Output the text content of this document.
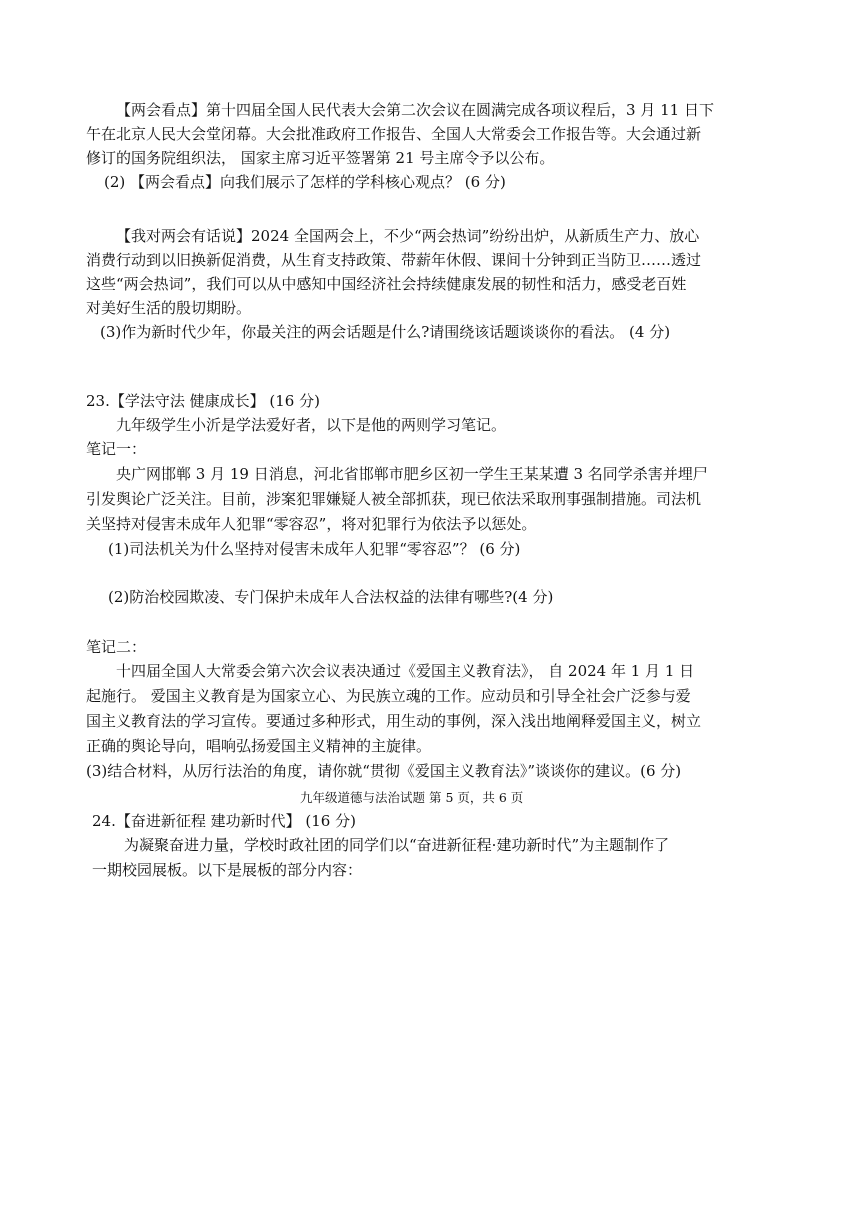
【两会看点】第十四届全国人民代表大会第二次会议在圆满完成各项议程后，3 月 11 日下

午在北京人民大会堂闭幕。大会批准政府工作报告、全国人大常委会工作报告等。大会通过新

修订的国务院组织法， 国家主席习近平签署第 21 号主席令予以公布。

(2) 【两会看点】向我们展示了怎样的学科核心观点？ (6 分)

【我对两会有话说】2024 全国两会上，不少“两会热词”纷纷出炉，从新质生产力、放心

消费行动到以旧换新促消费，从生育支持政策、带薪年休假、课间十分钟到正当防卫……透过

这些“两会热词”，我们可以从中感知中国经济社会持续健康发展的韧性和活力，感受老百姓

对美好生活的殷切期盼。

(3)作为新时代少年，你最关注的两会话题是什么?请围绕该话题谈谈你的看法。 (4 分)

23.【学法守法 健康成长】 (16 分)

九年级学生小沂是学法爱好者，以下是他的两则学习笔记。

笔记一：

央广网邯郸 3 月 19 日消息，河北省邯郸市肥乡区初一学生王某某遭 3 名同学杀害并埋尸

引发舆论广泛关注。目前，涉案犯罪嫌疑人被全部抓获，现已依法采取刑事强制措施。司法机

关坚持对侵害未成年人犯罪“零容忍”，将对犯罪行为依法予以惩处。

(1)司法机关为什么坚持对侵害未成年人犯罪“零容忍”？ (6 分)

(2)防治校园欺凌、专门保护未成年人合法权益的法律有哪些?(4 分)

笔记二：

十四届全国人大常委会第六次会议表决通过《爱国主义教育法》， 自 2024 年 1 月 1 日

起施行。 爱国主义教育是为国家立心、为民族立魂的工作。应动员和引导全社会广泛参与爱

国主义教育法的学习宣传。要通过多种形式，用生动的事例，深入浅出地阐释爱国主义，树立

正确的舆论导向，唱响弘扬爱国主义精神的主旋律。

(3)结合材料，从厉行法治的角度，请你就“贯彻《爱国主义教育法》”谈谈你的建议。(6 分)

九年级道德与法治试题 第 5 页，共 6 页

24.【奋进新征程 建功新时代】 (16 分)

为凝聚奋进力量，学校时政社团的同学们以“奋进新征程·建功新时代”为主题制作了

一期校园展板。以下是展板的部分内容：
